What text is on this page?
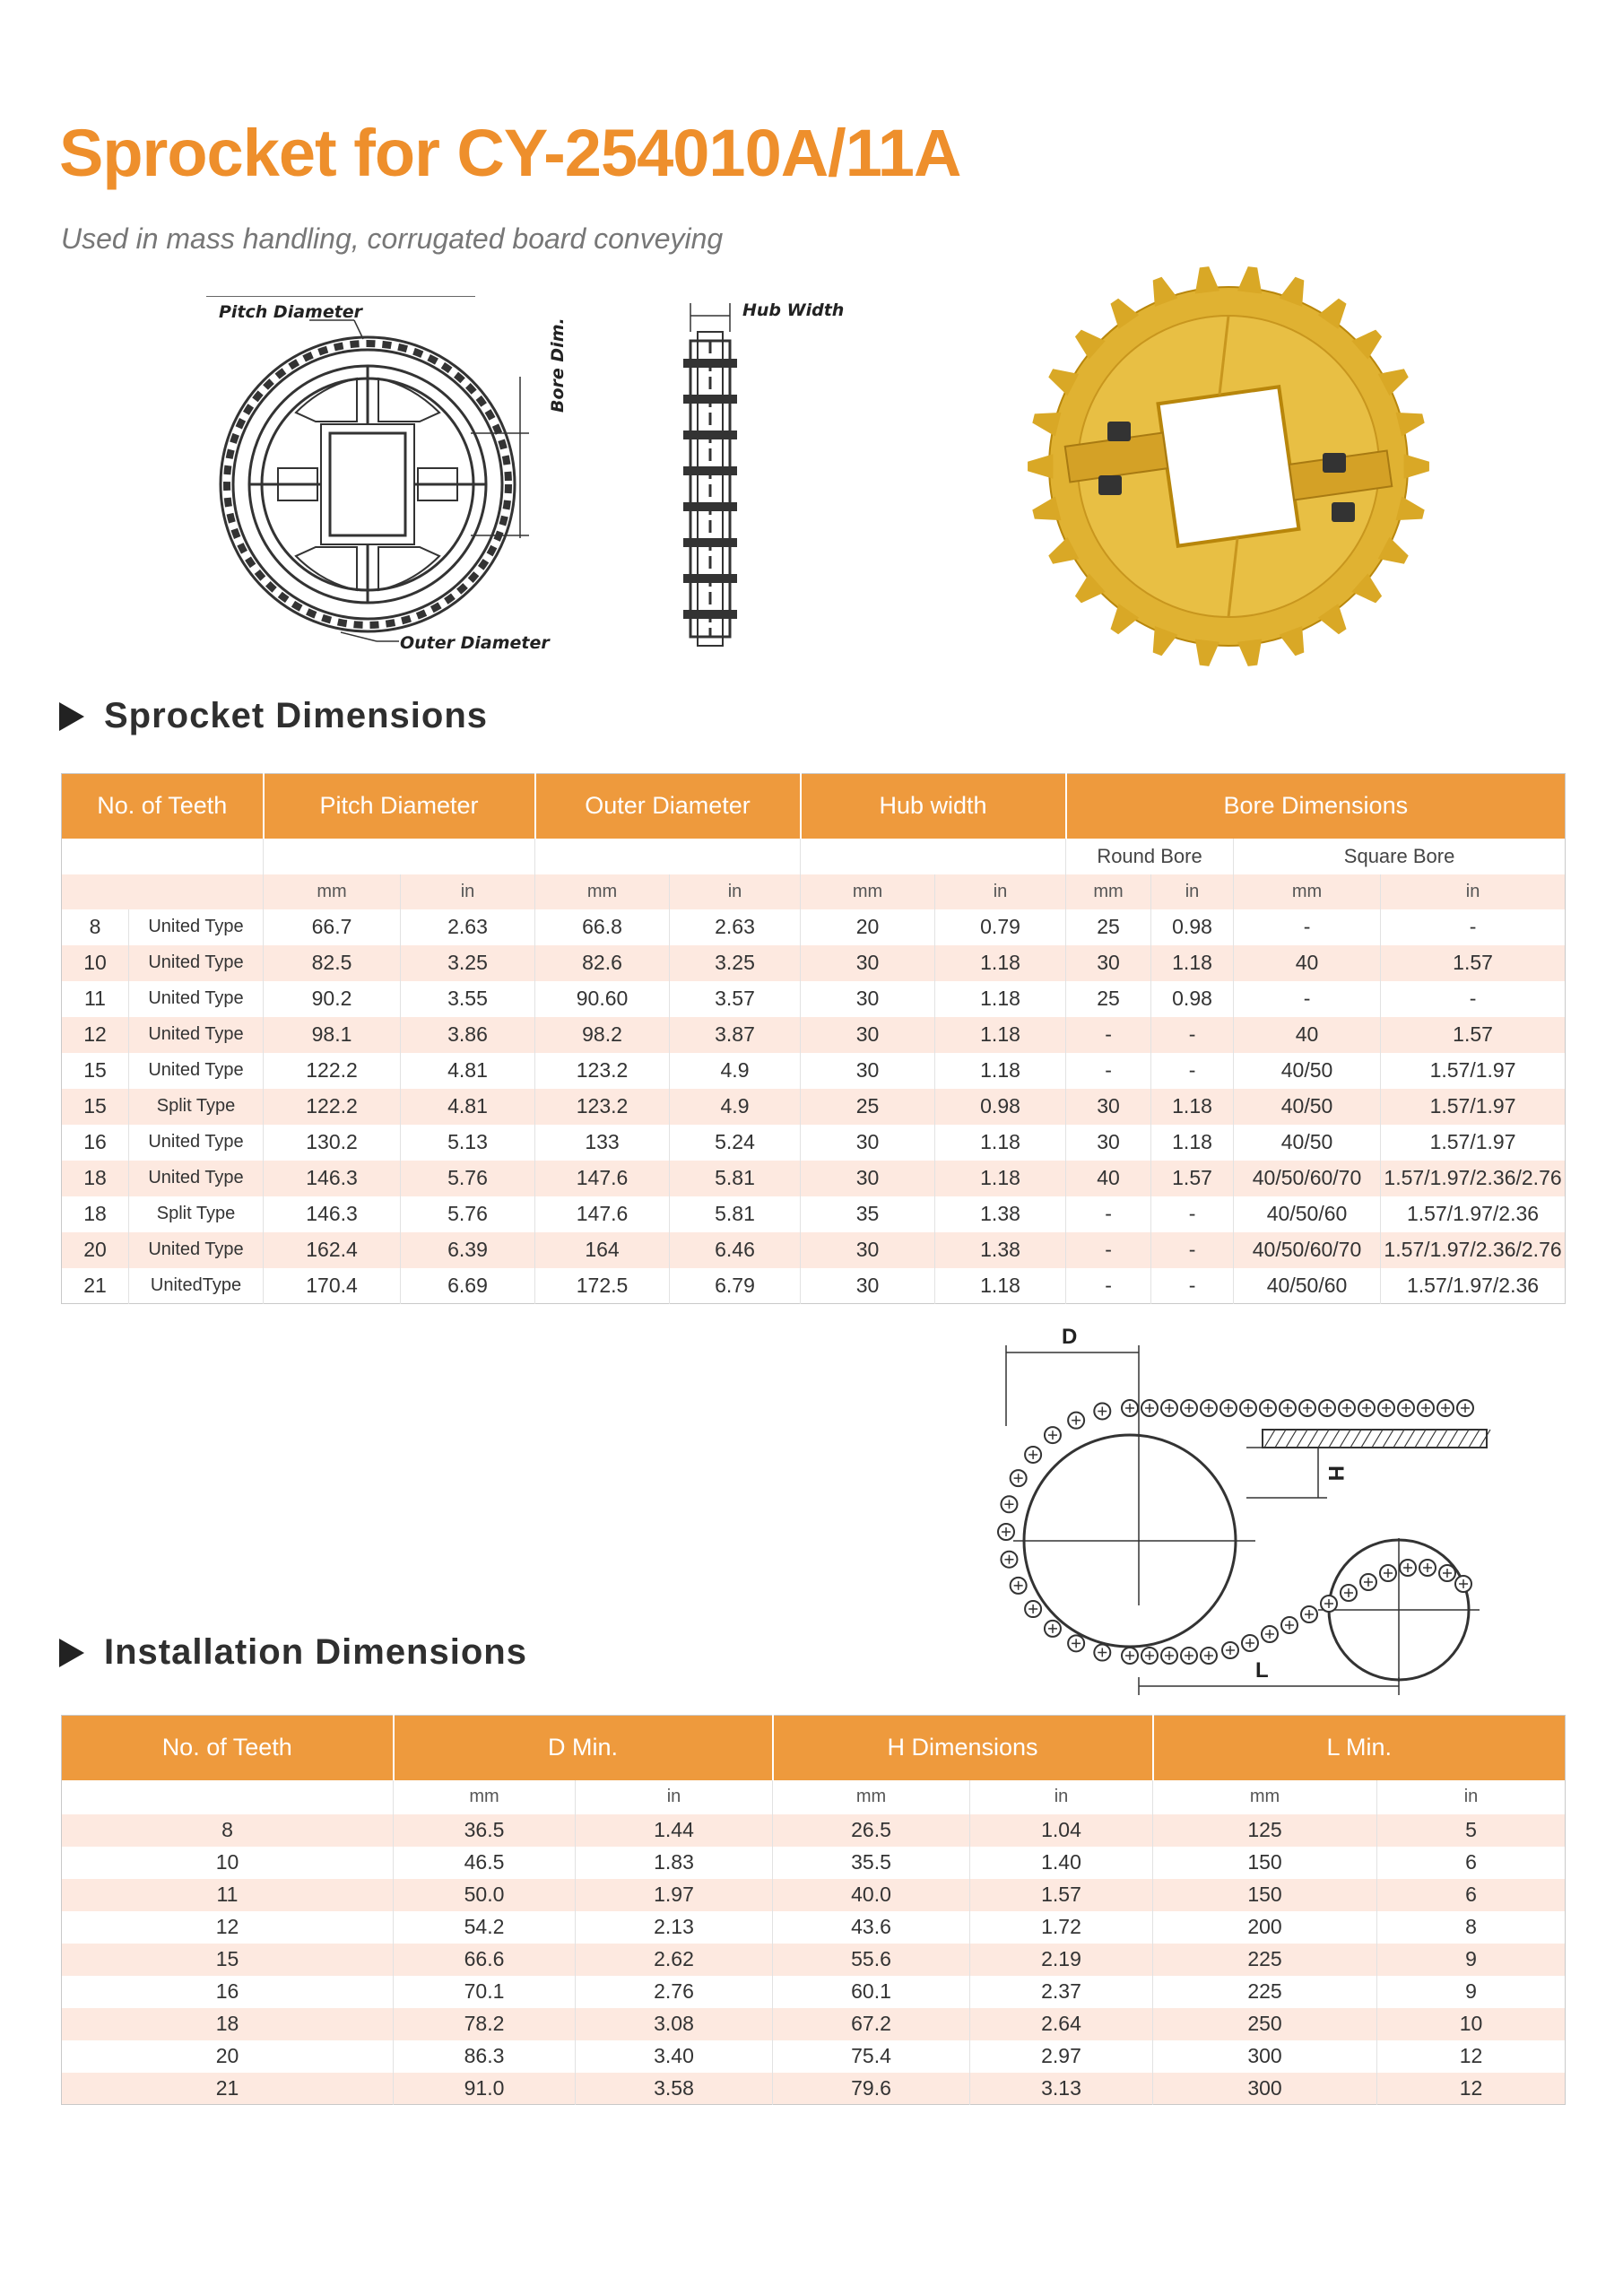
Sprocket for CY-254010A/11A
Used in mass handling, corrugated board conveying
Pitch Diameter
Outer Diameter
Bore Dim.
Hub Width
Sprocket Dimensions
No. of Teeth		Pitch Diameter		Outer Diameter		Hub width		Bore Dimensions			
								Round Bore		Square Bore	
		mm	in	mm	in	mm	in	mm	in	mm	in
8	United Type	66.7	2.63	66.8	2.63	20	0.79	25	0.98	-	-
10	United Type	82.5	3.25	82.6	3.25	30	1.18	30	1.18	40	1.57
11	United Type	90.2	3.55	90.60	3.57	30	1.18	25	0.98	-	-
12	United Type	98.1	3.86	98.2	3.87	30	1.18	-	-	40	1.57
15	United Type	122.2	4.81	123.2	4.9	30	1.18	-	-	40/50	1.57/1.97
15	Split Type	122.2	4.81	123.2	4.9	25	0.98	30	1.18	40/50	1.57/1.97
16	United Type	130.2	5.13	133	5.24	30	1.18	30	1.18	40/50	1.57/1.97
18	United Type	146.3	5.76	147.6	5.81	30	1.18	40	1.57	40/50/60/70	1.57/1.97/2.36/2.76
18	Split Type	146.3	5.76	147.6	5.81	35	1.38	-	-	40/50/60	1.57/1.97/2.36
20	United Type	162.4	6.39	164	6.46	30	1.38	-	-	40/50/60/70	1.57/1.97/2.36/2.76
21	UnitedType	170.4	6.69	172.5	6.79	30	1.18	-	-	40/50/60	1.57/1.97/2.36
D
H
L
Installation Dimensions
No. of Teeth	D Min.		H Dimensions		L Min.	
	mm	in	mm	in	mm	in
8	36.5	1.44	26.5	1.04	125	5
10	46.5	1.83	35.5	1.40	150	6
11	50.0	1.97	40.0	1.57	150	6
12	54.2	2.13	43.6	1.72	200	8
15	66.6	2.62	55.6	2.19	225	9
16	70.1	2.76	60.1	2.37	225	9
18	78.2	3.08	67.2	2.64	250	10
20	86.3	3.40	75.4	2.97	300	12
21	91.0	3.58	79.6	3.13	300	12
